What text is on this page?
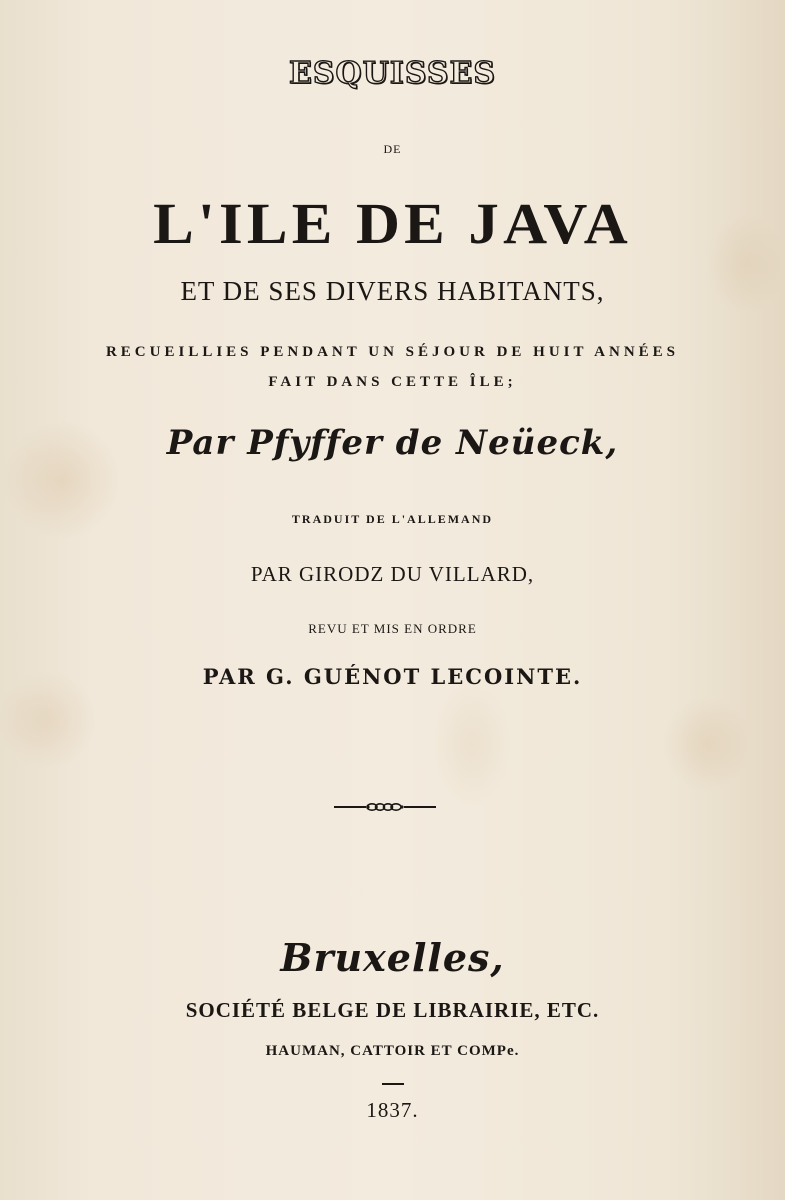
ESQUISSES
DE
L'ILE DE JAVA
ET DE SES DIVERS HABITANTS,
RECUEILLIES PENDANT UN SÉJOUR DE HUIT ANNÉES
FAIT DANS CETTE ÎLE;
Par Pfyffer de Neüeck,
TRADUIT DE L'ALLEMAND
PAR GIRODZ DU VILLARD,
REVU ET MIS EN ORDRE
PAR G. GUÉNOT LECOINTE.
Bruxelles,
SOCIÉTÉ BELGE DE LIBRAIRIE, ETC.
HAUMAN, CATTOIR ET COMPe.
1837.
